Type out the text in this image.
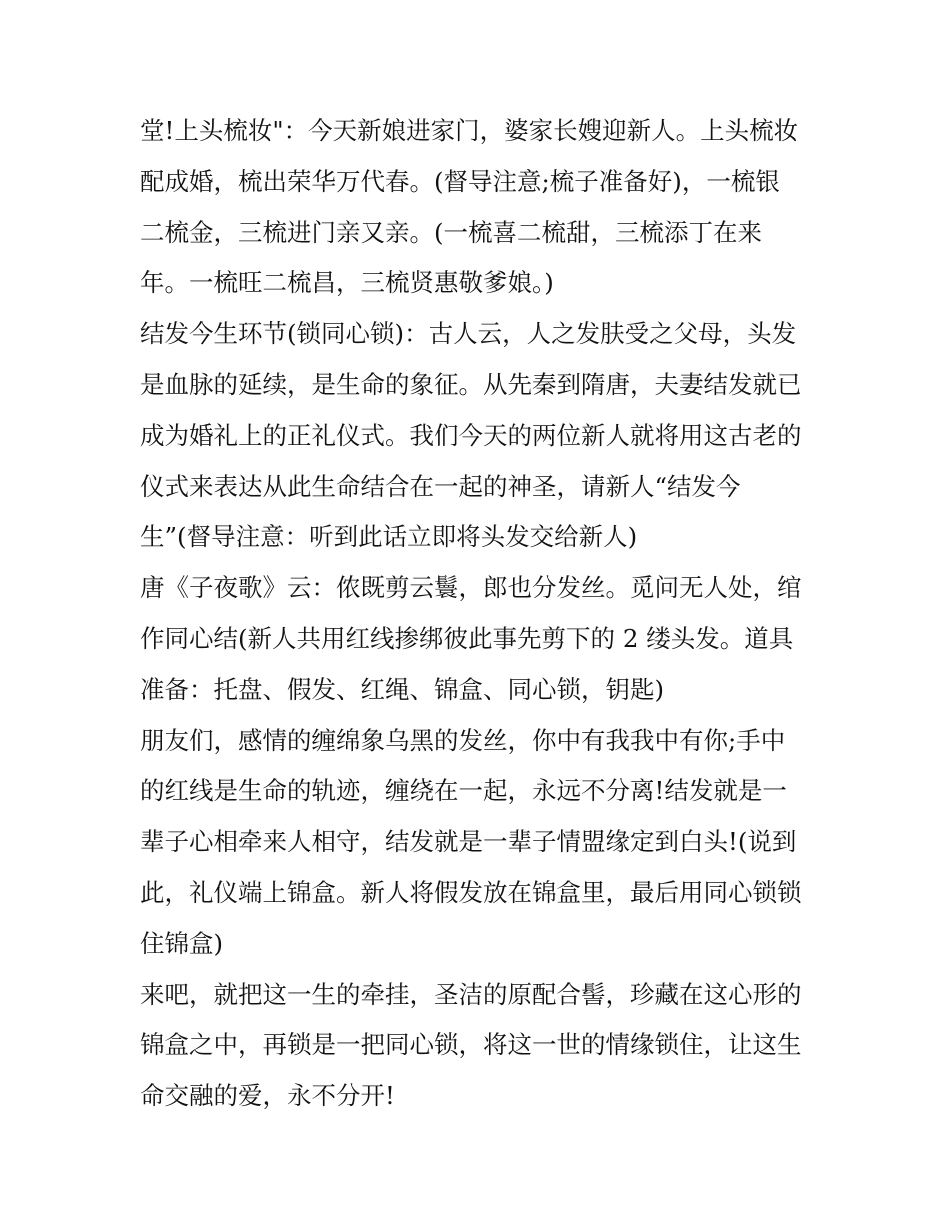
堂!上头梳妆"：今天新娘进家门，婆家长嫂迎新人。上头梳妆
配成婚，梳出荣华万代春。(督导注意;梳子准备好)，一梳银
二梳金，三梳进门亲又亲。(一梳喜二梳甜，三梳添丁在来
年。一梳旺二梳昌，三梳贤惠敬爹娘。)
结发今生环节(锁同心锁)：古人云，人之发肤受之父母，头发
是血脉的延续，是生命的象征。从先秦到隋唐，夫妻结发就已
成为婚礼上的正礼仪式。我们今天的两位新人就将用这古老的
仪式来表达从此生命结合在一起的神圣，请新人“结发今
生”(督导注意：听到此话立即将头发交给新人)
唐《子夜歌》云：侬既剪云鬟，郎也分发丝。觅问无人处，绾
作同心结(新人共用红线掺绑彼此事先剪下的 2 缕头发。道具
准备：托盘、假发、红绳、锦盒、同心锁，钥匙)
朋友们，感情的缠绵象乌黑的发丝，你中有我我中有你;手中
的红线是生命的轨迹，缠绕在一起，永远不分离!结发就是一
辈子心相牵来人相守，结发就是一辈子情盟缘定到白头!(说到
此，礼仪端上锦盒。新人将假发放在锦盒里，最后用同心锁锁
住锦盒)
来吧，就把这一生的牵挂，圣洁的原配合髻，珍藏在这心形的
锦盒之中，再锁是一把同心锁，将这一世的情缘锁住，让这生
命交融的爱，永不分开!
